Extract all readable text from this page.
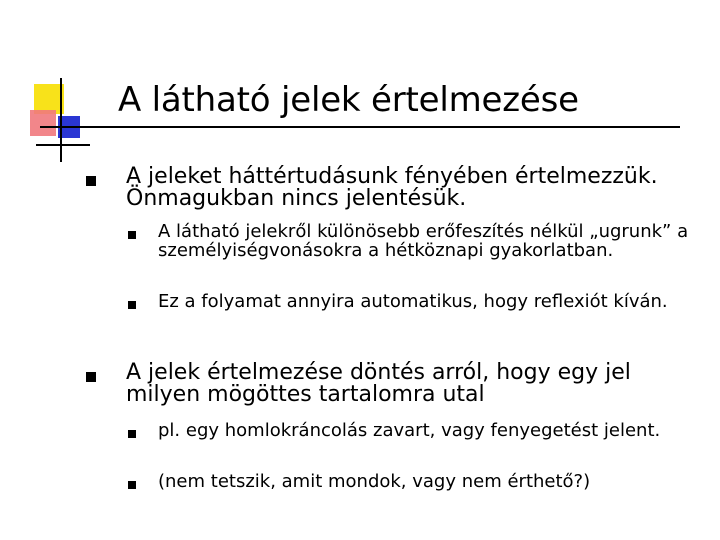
A látható jelek értelmezése
A jeleket háttértudásunk fényében értelmezzük. Önmagukban nincs jelentésük.
A látható jelekről különösebb erőfeszítés nélkül „ugrunk” a személyiségvonásokra a hétköznapi gyakorlatban.
Ez a folyamat annyira automatikus, hogy reflexiót kíván.
A jelek értelmezése döntés arról, hogy egy jel milyen mögöttes tartalomra utal
pl. egy homlokráncolás zavart, vagy fenyegetést jelent.
(nem tetszik, amit mondok, vagy nem érthető?)
